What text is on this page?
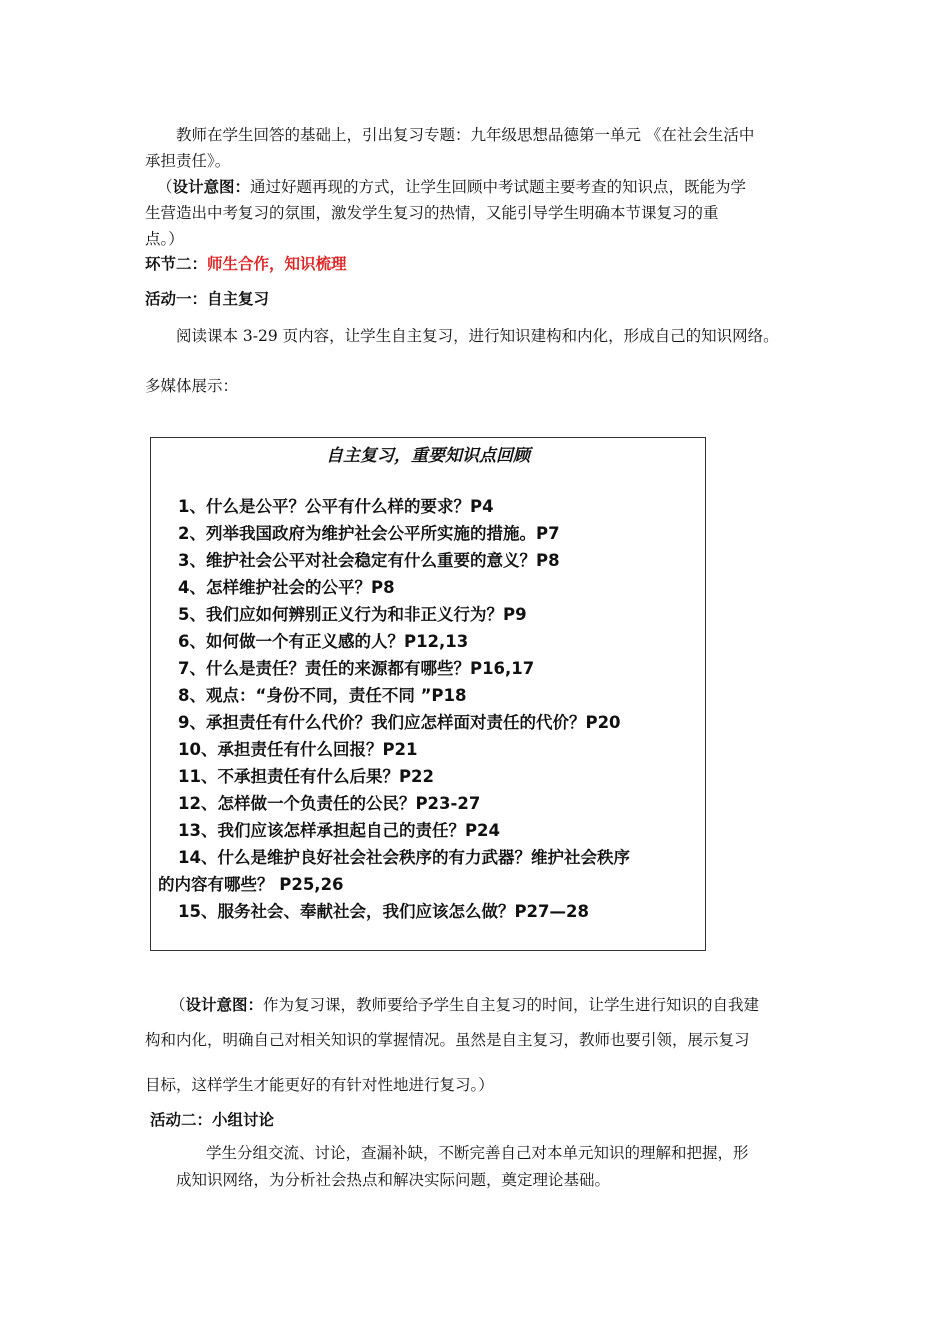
教师在学生回答的基础上，引出复习专题：九年级思想品德第一单元 《在社会生活中
承担责任》。
（设计意图：通过好题再现的方式，让学生回顾中考试题主要考查的知识点，既能为学
生营造出中考复习的氛围，激发学生复习的热情，又能引导学生明确本节课复习的重
点。）
环节二：师生合作，知识梳理
活动一：自主复习
阅读课本 3-29 页内容，让学生自主复习，进行知识建构和内化，形成自己的知识网络。
多媒体展示：
自主复习，重要知识点回顾
1、什么是公平？公平有什么样的要求？P4
2、列举我国政府为维护社会公平所实施的措施。P7
3、维护社会公平对社会稳定有什么重要的意义？P8
4、怎样维护社会的公平？P8
5、我们应如何辨别正义行为和非正义行为？P9
6、如何做一个有正义感的人？P12,13
7、什么是责任？责任的来源都有哪些？P16,17
8、观点：“身份不同，责任不同 ”P18
9、承担责任有什么代价？我们应怎样面对责任的代价？P20
10、承担责任有什么回报？P21
11、不承担责任有什么后果？P22
12、怎样做一个负责任的公民？P23-27
13、我们应该怎样承担起自己的责任？P24
14、什么是维护良好社会社会秩序的有力武器？维护社会秩序
的内容有哪些？ P25,26
15、服务社会、奉献社会，我们应该怎么做？P27—28
（设计意图：作为复习课，教师要给予学生自主复习的时间，让学生进行知识的自我建
构和内化，明确自己对相关知识的掌握情况。虽然是自主复习，教师也要引领，展示复习
目标，这样学生才能更好的有针对性地进行复习。）
活动二：小组讨论
学生分组交流、讨论，查漏补缺，不断完善自己对本单元知识的理解和把握，形
成知识网络，为分析社会热点和解决实际问题，奠定理论基础。
